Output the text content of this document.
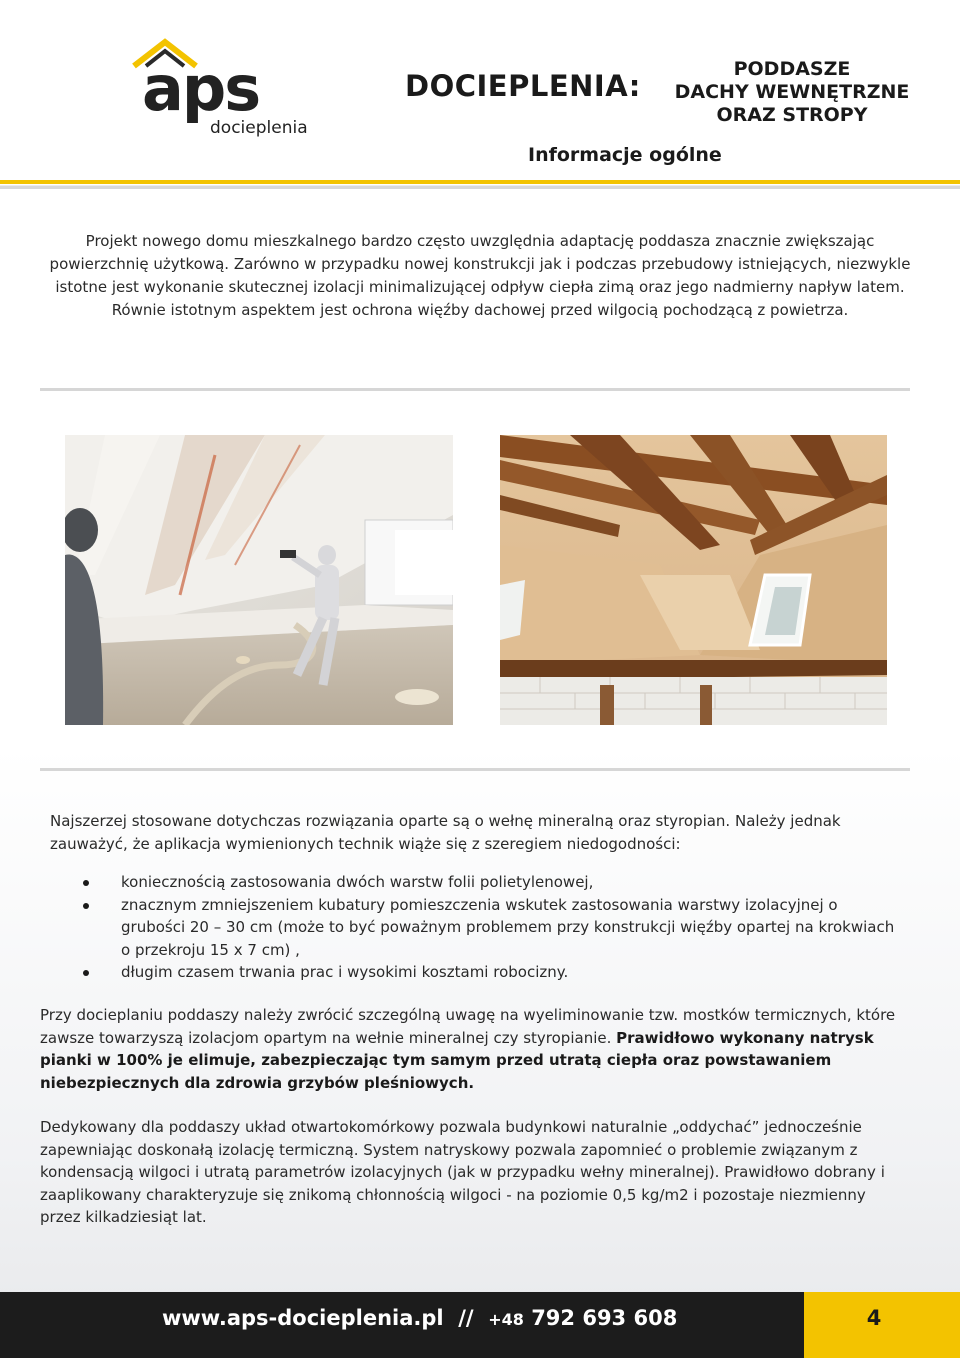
aps
docieplenia
DOCIEPLENIA:	PODDASZE
DACHY WEWNĘTRZNE
ORAZ STROPY
Informacje ogólne

Projekt nowego domu mieszkalnego bardzo często uwzględnia adaptację poddasza znacznie zwiększając powierzchnię użytkową. Zarówno w przypadku nowej konstrukcji jak i podczas przebudowy istniejących, niezwykle istotne jest wykonanie skutecznej izolacji minimalizującej odpływ ciepła zimą oraz jego nadmierny napływ latem. Równie istotnym aspektem jest ochrona więźby dachowej przed wilgocią pochodzącą z powietrza.

Najszerzej stosowane dotychczas rozwiązania oparte są o wełnę mineralną oraz styropian. Należy jednak zauważyć, że aplikacja wymienionych technik wiąże się z szeregiem niedogodności:

koniecznością zastosowania dwóch warstw folii polietylenowej,
znacznym zmniejszeniem kubatury pomieszczenia wskutek zastosowania warstwy izolacyjnej o grubości 20 – 30 cm (może to być poważnym problemem przy konstrukcji więźby opartej na krokwiach o przekroju 15 x 7 cm) ,
długim czasem trwania prac i wysokimi kosztami robocizny.

Przy docieplaniu poddaszy należy zwrócić szczególną uwagę na wyeliminowanie tzw. mostków termicznych, które zawsze towarzyszą izolacjom opartym na wełnie mineralnej czy styropianie. Prawidłowo wykonany natrysk pianki w 100% je elimuje, zabezpieczając tym samym przed utratą ciepła oraz powstawaniem niebezpiecznych dla zdrowia grzybów pleśniowych.

Dedykowany dla poddaszy układ otwartokomórkowy pozwala budynkowi naturalnie „oddychać” jednocześnie zapewniając doskonałą izolację termiczną. System natryskowy pozwala zapomnieć o problemie związanym z kondensacją wilgoci i utratą parametrów izolacyjnych (jak w przypadku wełny mineralnej). Prawidłowo dobrany i zaaplikowany charakteryzuje się znikomą chłonnością wilgoci - na poziomie 0,5 kg/m2 i pozostaje niezmienny przez kilkadziesiąt lat.

www.aps-docieplenia.pl // +48 792 693 608	4
